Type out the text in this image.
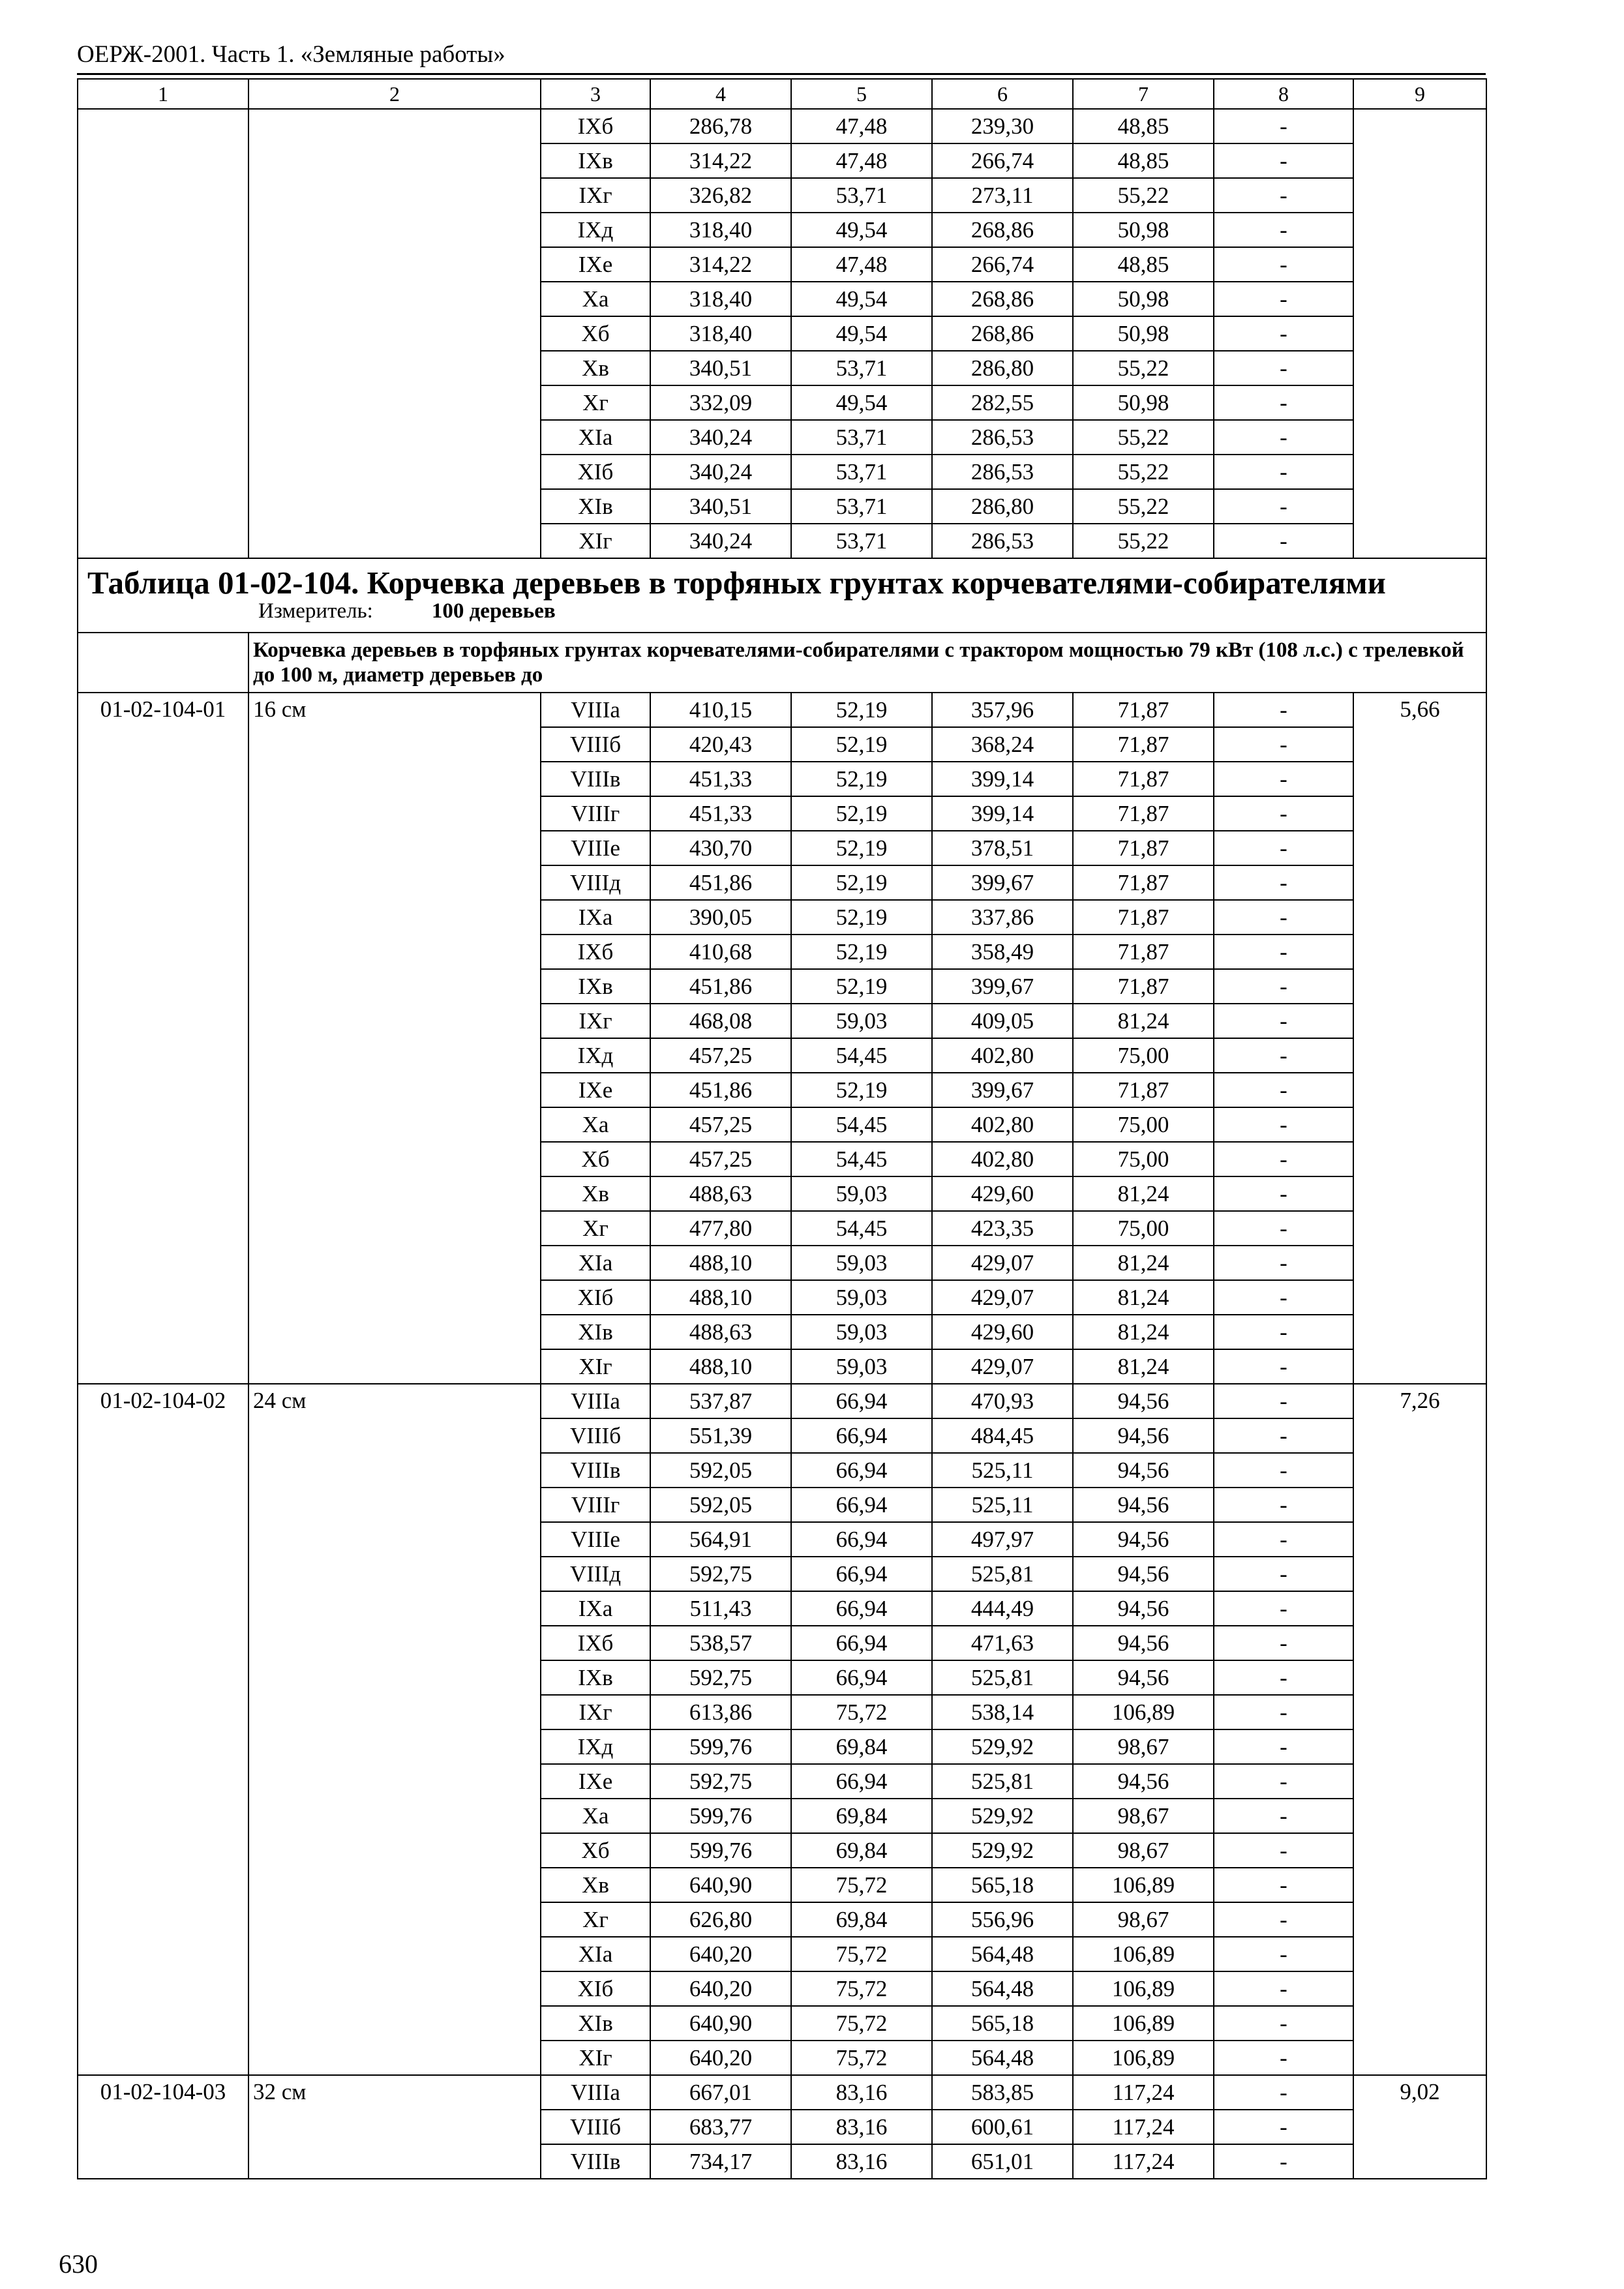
ОЕРЖ-2001. Часть 1. «Земляные работы»
1	2	3	4	5	6	7	8	9
		IXб	286,78	47,48	239,30	48,85	-	
		IXв	314,22	47,48	266,74	48,85	-	
		IXг	326,82	53,71	273,11	55,22	-	
		IXд	318,40	49,54	268,86	50,98	-	
		IXе	314,22	47,48	266,74	48,85	-	
		Xа	318,40	49,54	268,86	50,98	-	
		Xб	318,40	49,54	268,86	50,98	-	
		Xв	340,51	53,71	286,80	55,22	-	
		Xг	332,09	49,54	282,55	50,98	-	
		XIа	340,24	53,71	286,53	55,22	-	
		XIб	340,24	53,71	286,53	55,22	-	
		XIв	340,51	53,71	286,80	55,22	-	
		XIг	340,24	53,71	286,53	55,22	-	

Таблица 01-02-104. Корчевка деревьев в торфяных грунтах корчевателями-собирателями
Измеритель: 100 деревьев								

	Корчевка деревьев в торфяных грунтах корчевателями-собирателями с трактором мощностью 79 кВт (108 л.с.) с трелевкой до 100 м, диаметр деревьев до							
01-02-104-01	16 см	VIIIа	410,15	52,19	357,96	71,87	-	5,66
		VIIIб	420,43	52,19	368,24	71,87	-	
		VIIIв	451,33	52,19	399,14	71,87	-	
		VIIIг	451,33	52,19	399,14	71,87	-	
		VIIIе	430,70	52,19	378,51	71,87	-	
		VIIIд	451,86	52,19	399,67	71,87	-	
		IXа	390,05	52,19	337,86	71,87	-	
		IXб	410,68	52,19	358,49	71,87	-	
		IXв	451,86	52,19	399,67	71,87	-	
		IXг	468,08	59,03	409,05	81,24	-	
		IXд	457,25	54,45	402,80	75,00	-	
		IXе	451,86	52,19	399,67	71,87	-	
		Xа	457,25	54,45	402,80	75,00	-	
		Xб	457,25	54,45	402,80	75,00	-	
		Xв	488,63	59,03	429,60	81,24	-	
		Xг	477,80	54,45	423,35	75,00	-	
		XIа	488,10	59,03	429,07	81,24	-	
		XIб	488,10	59,03	429,07	81,24	-	
		XIв	488,63	59,03	429,60	81,24	-	
		XIг	488,10	59,03	429,07	81,24	-	
01-02-104-02	24 см	VIIIа	537,87	66,94	470,93	94,56	-	7,26
		VIIIб	551,39	66,94	484,45	94,56	-	
		VIIIв	592,05	66,94	525,11	94,56	-	
		VIIIг	592,05	66,94	525,11	94,56	-	
		VIIIе	564,91	66,94	497,97	94,56	-	
		VIIIд	592,75	66,94	525,81	94,56	-	
		IXа	511,43	66,94	444,49	94,56	-	
		IXб	538,57	66,94	471,63	94,56	-	
		IXв	592,75	66,94	525,81	94,56	-	
		IXг	613,86	75,72	538,14	106,89	-	
		IXд	599,76	69,84	529,92	98,67	-	
		IXе	592,75	66,94	525,81	94,56	-	
		Xа	599,76	69,84	529,92	98,67	-	
		Xб	599,76	69,84	529,92	98,67	-	
		Xв	640,90	75,72	565,18	106,89	-	
		Xг	626,80	69,84	556,96	98,67	-	
		XIа	640,20	75,72	564,48	106,89	-	
		XIб	640,20	75,72	564,48	106,89	-	
		XIв	640,90	75,72	565,18	106,89	-	
		XIг	640,20	75,72	564,48	106,89	-	
01-02-104-03	32 см	VIIIа	667,01	83,16	583,85	117,24	-	9,02
		VIIIб	683,77	83,16	600,61	117,24	-	
		VIIIв	734,17	83,16	651,01	117,24	-	
630
